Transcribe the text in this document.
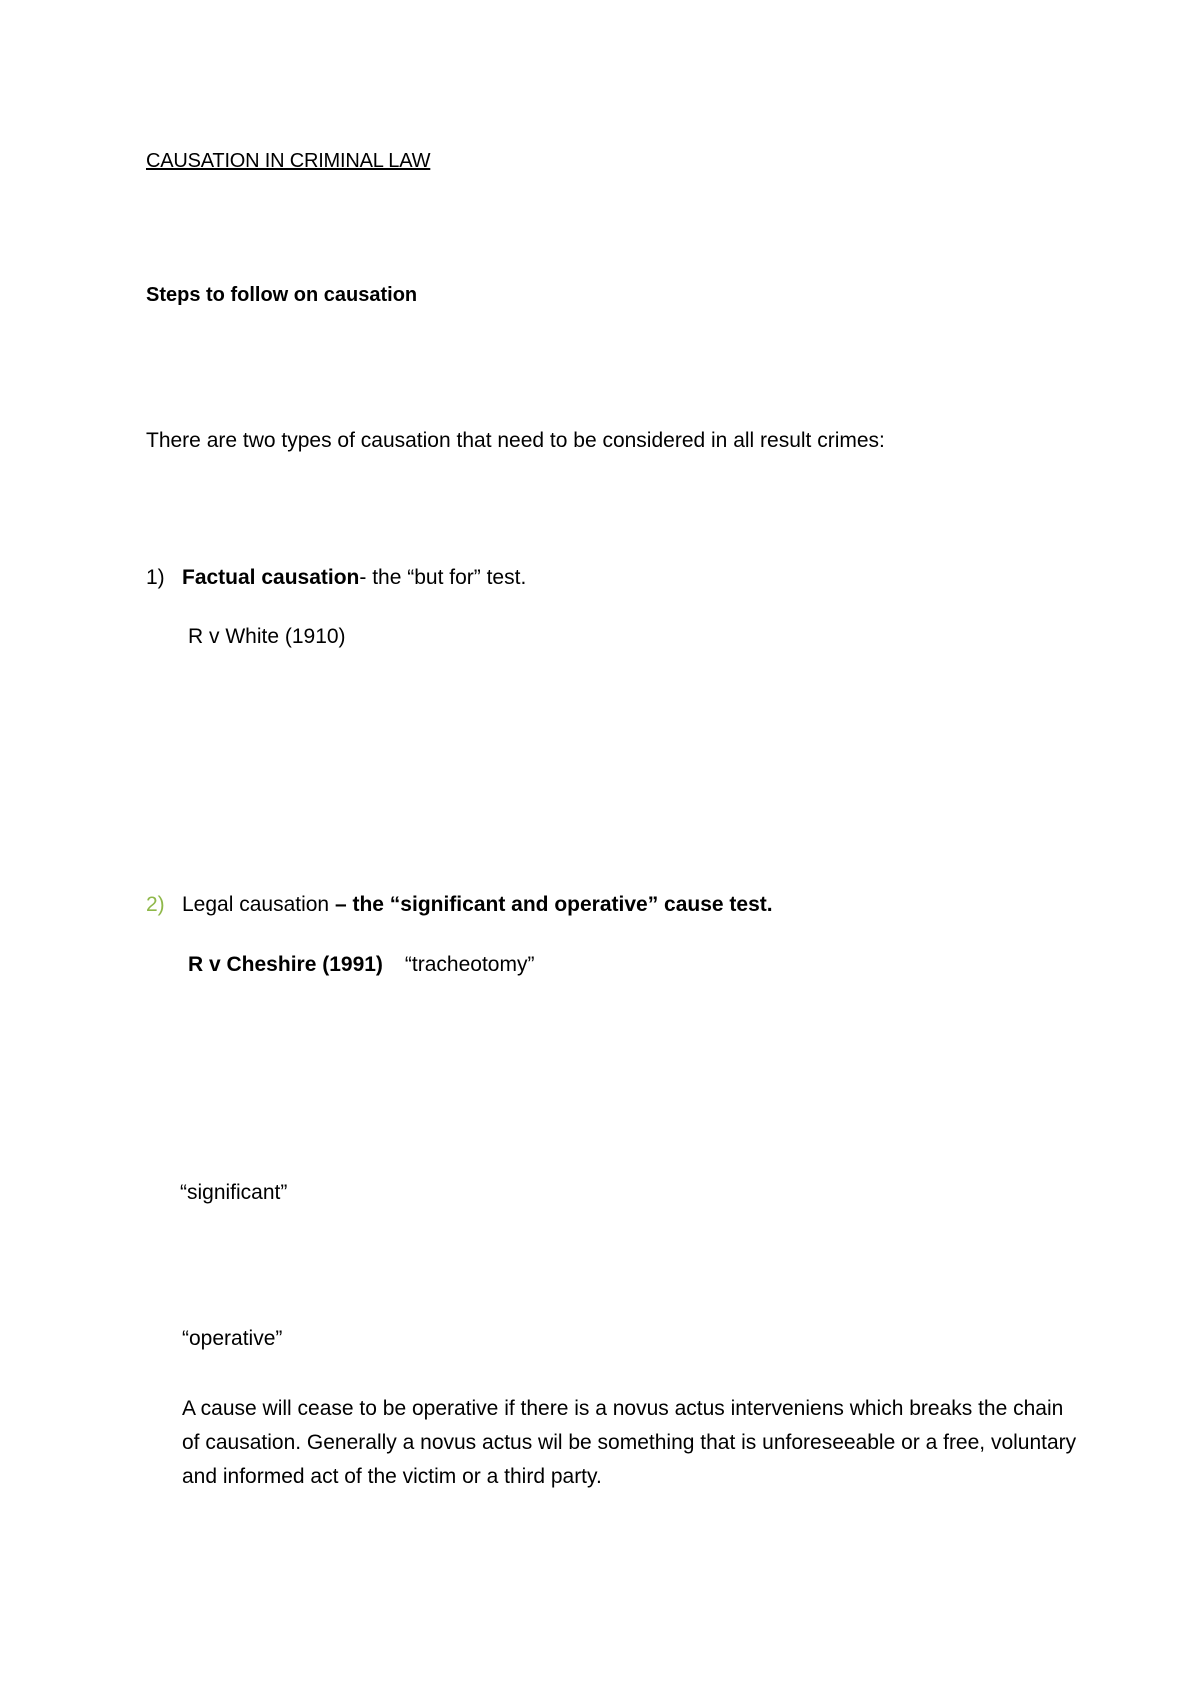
CAUSATION IN CRIMINAL LAW
Steps to follow on causation
There are two types of causation that need to be considered in all result crimes:
1) Factual causation- the “but for” test.
R v White (1910)
2) Legal causation – the “significant and operative” cause test.
R v Cheshire (1991) “tracheotomy”
“significant”
“operative”
A cause will cease to be operative if there is a novus actus interveniens which breaks the chain of causation. Generally a novus actus wil be something that is unforeseeable or a free, voluntary and informed act of the victim or a third party.
